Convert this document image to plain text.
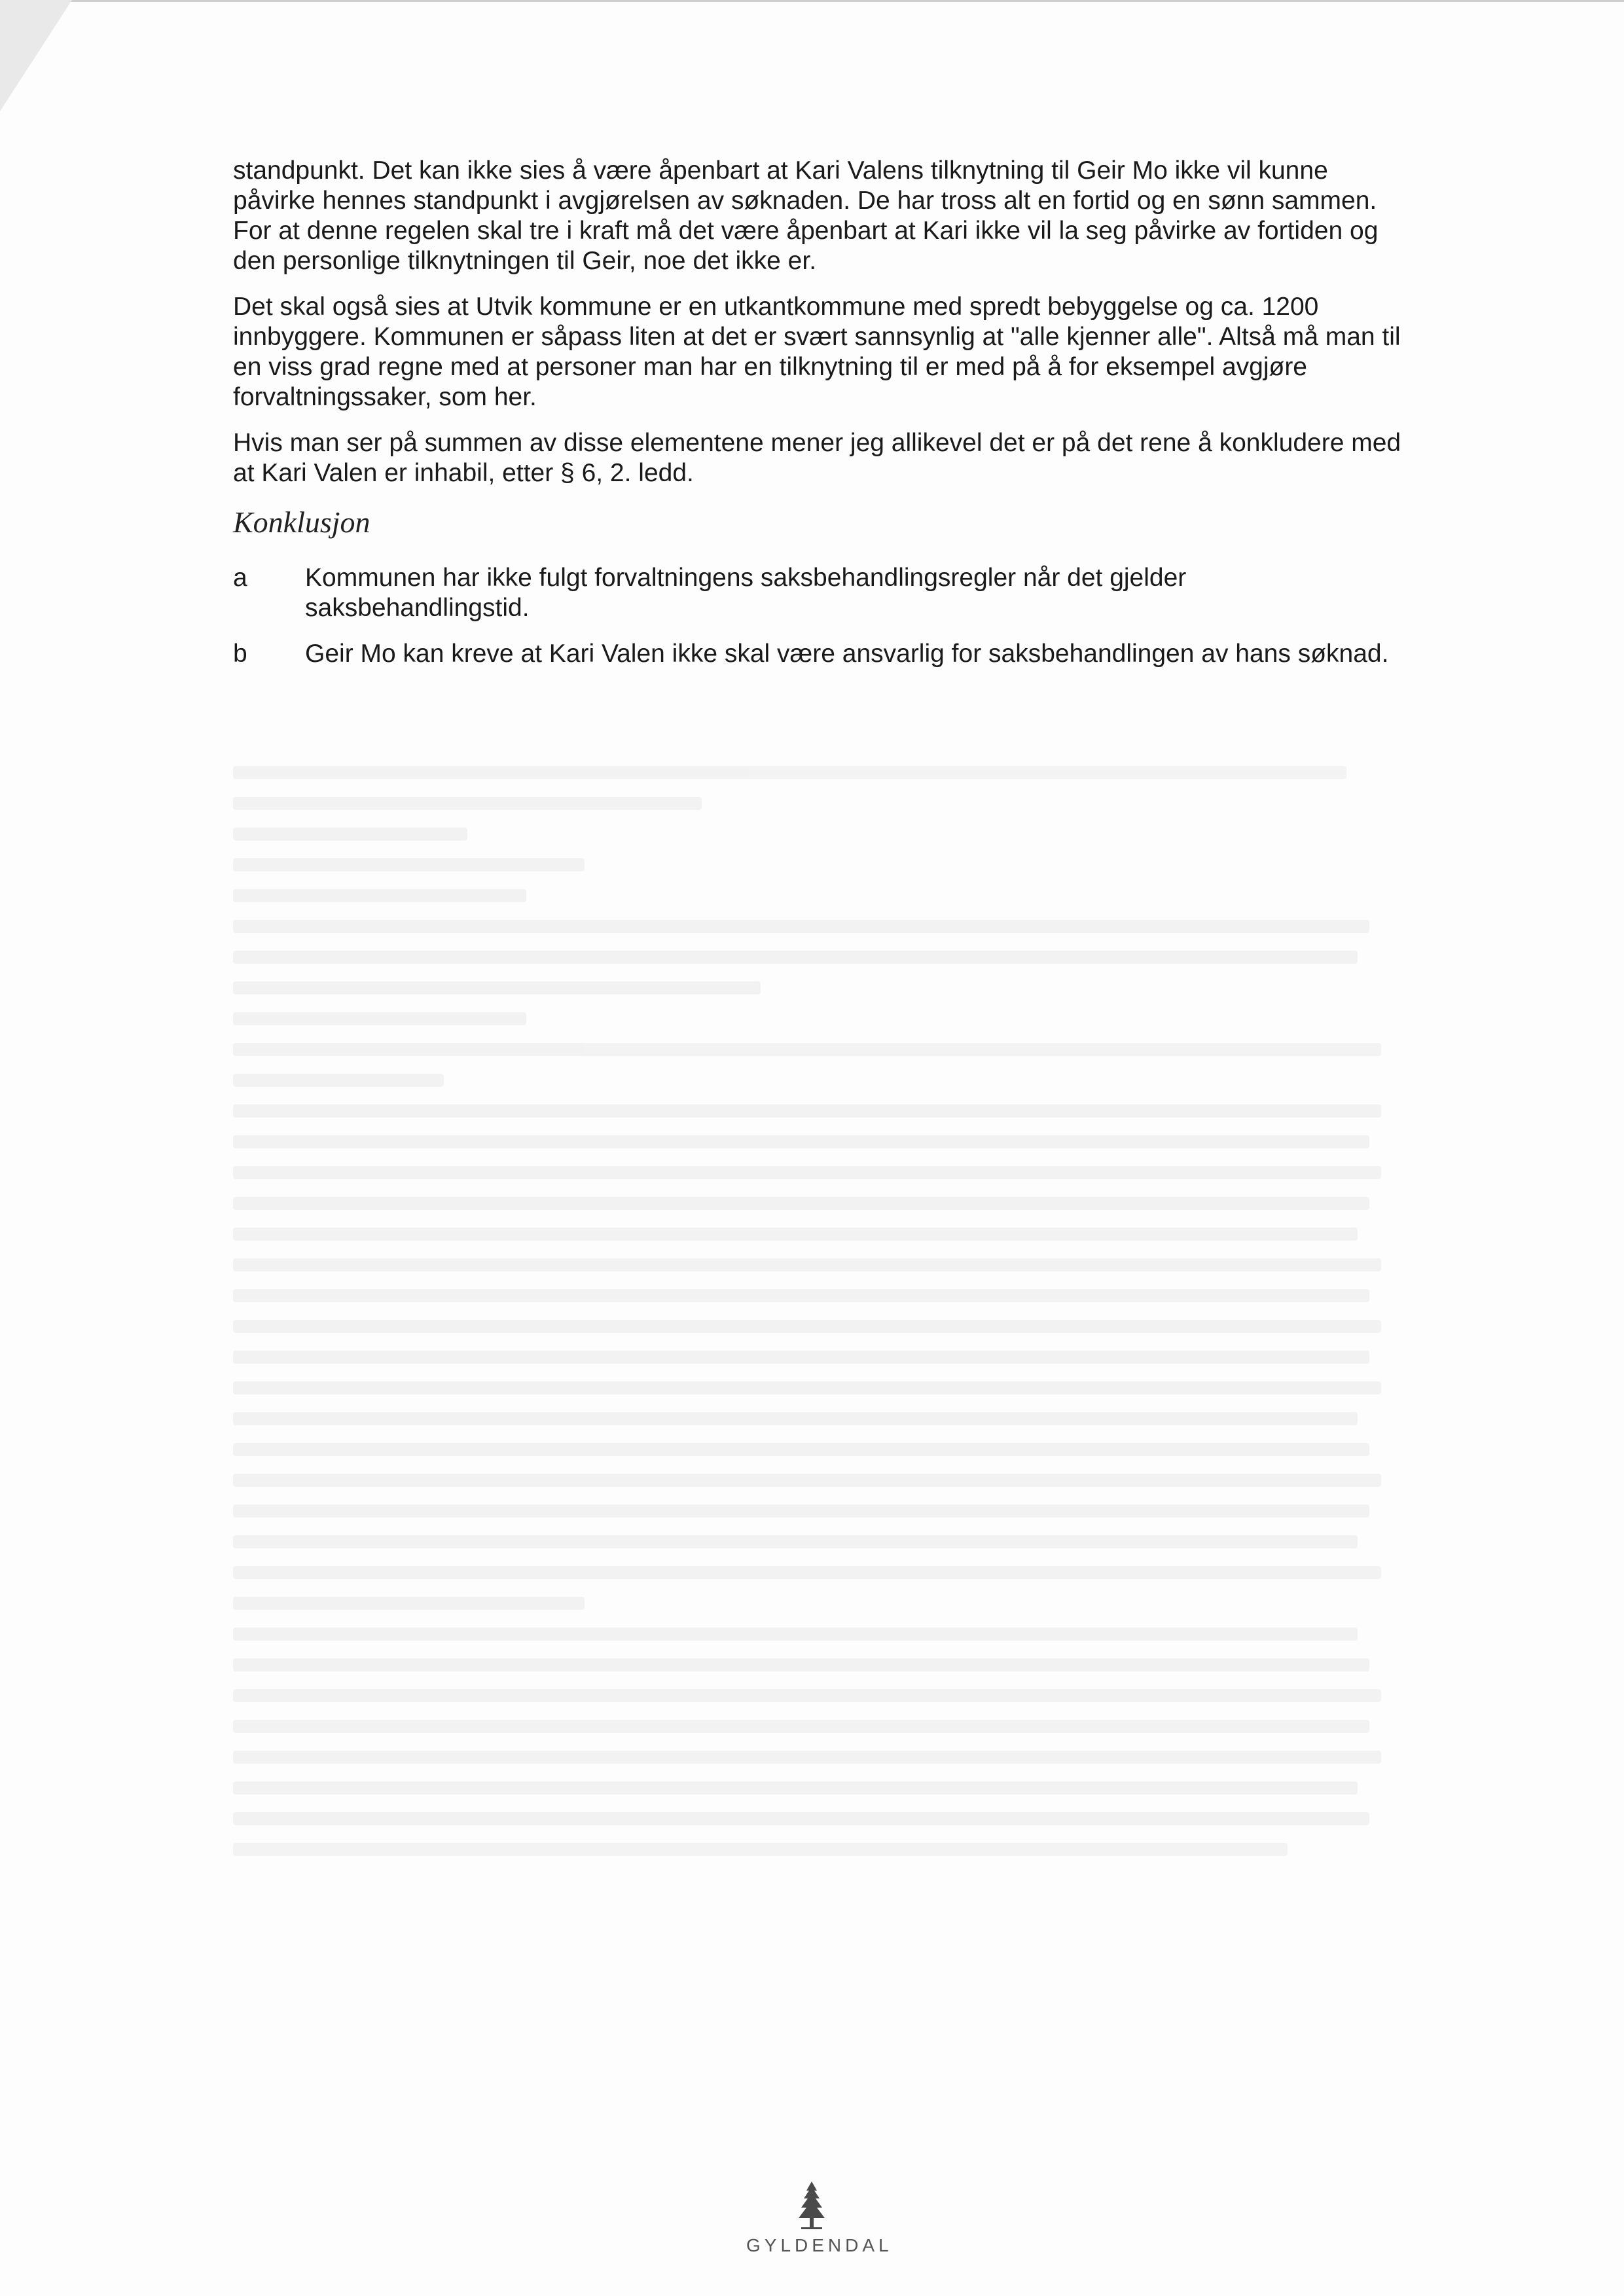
standpunkt. Det kan ikke sies å være åpenbart at Kari Valens tilknytning til Geir Mo ikke vil kunne påvirke hennes standpunkt i avgjørelsen av søknaden. De har tross alt en fortid og en sønn sammen. For at denne regelen skal tre i kraft må det være åpenbart at Kari ikke vil la seg påvirke av fortiden og den personlige tilknytningen til Geir, noe det ikke er.

Det skal også sies at Utvik kommune er en utkantkommune med spredt bebyggelse og ca. 1200 innbyggere. Kommunen er såpass liten at det er svært sannsynlig at "alle kjenner alle". Altså må man til en viss grad regne med at personer man har en tilknytning til er med på å for eksempel avgjøre forvaltningssaker, som her.

Hvis man ser på summen av disse elementene mener jeg allikevel det er på det rene å konkludere med at Kari Valen er inhabil, etter § 6, 2. ledd.

Konklusjon
a	Kommunen har ikke fulgt forvaltningens saksbehandlingsregler når det gjelder saksbehandlingstid.
b	Geir Mo kan kreve at Kari Valen ikke skal være ansvarlig for saksbehandlingen av hans søknad.
GYLDENDAL
